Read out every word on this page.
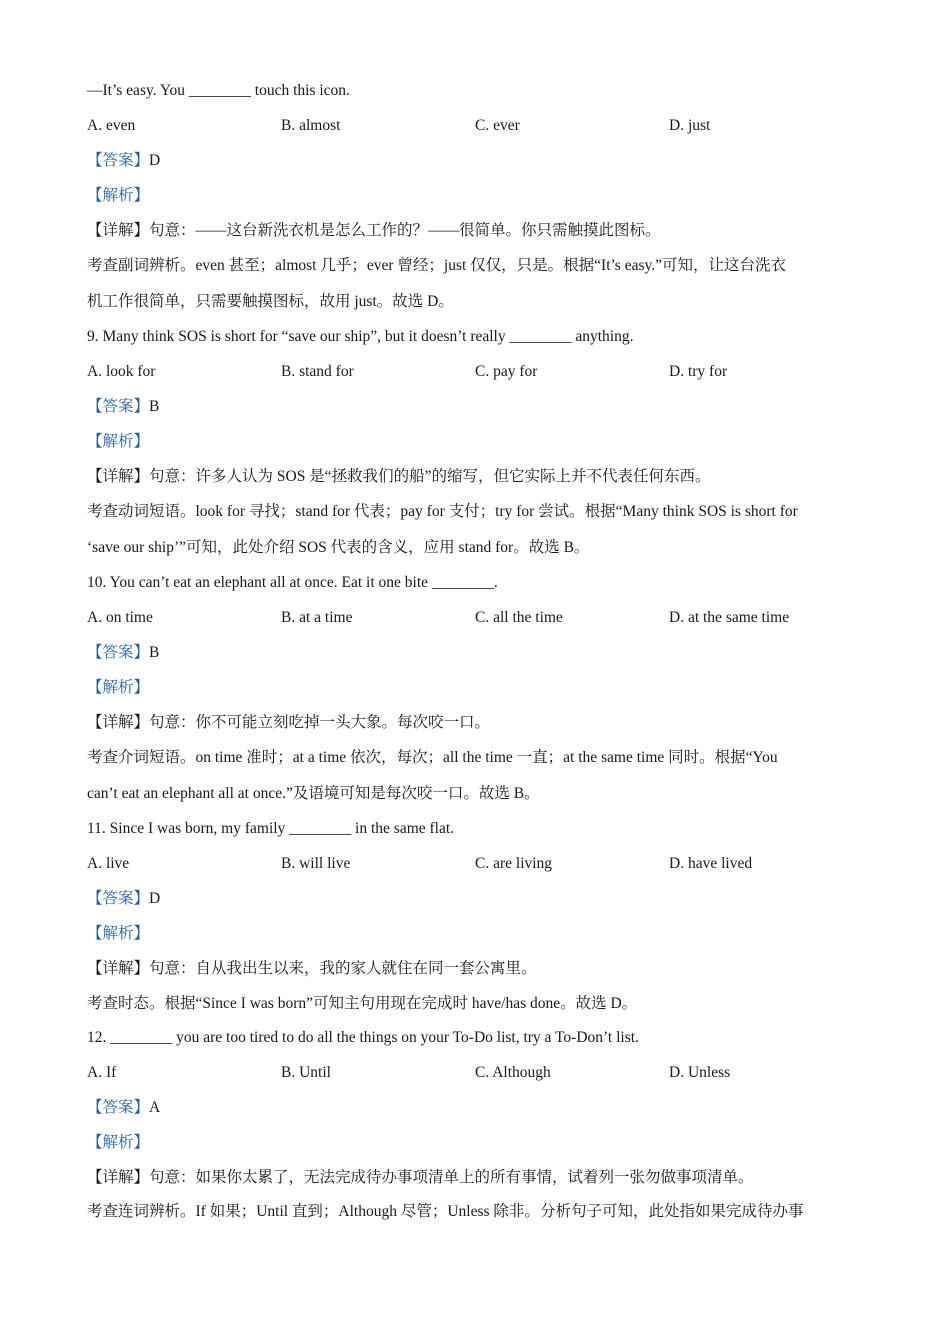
—It’s easy. You ________ touch this icon.
A. even	B. almost	C. ever	D. just
【答案】D
【解析】
【详解】句意：——这台新洗衣机是怎么工作的？——很简单。你只需触摸此图标。
考查副词辨析。even 甚至；almost 几乎；ever 曾经；just 仅仅，只是。根据“It’s easy.”可知，让这台洗衣
机工作很简单，只需要触摸图标，故用 just。故选 D。
9. Many think SOS is short for “save our ship”, but it doesn’t really ________ anything.
A. look for	B. stand for	C. pay for	D. try for
【答案】B
【解析】
【详解】句意：许多人认为 SOS 是“拯救我们的船”的缩写，但它实际上并不代表任何东西。
考查动词短语。look for 寻找；stand for 代表；pay for 支付；try for 尝试。根据“Many think SOS is short for
‘save our ship’”可知，此处介绍 SOS 代表的含义，应用 stand for。故选 B。
10. You can’t eat an elephant all at once. Eat it one bite ________.
A. on time	B. at a time	C. all the time	D. at the same time
【答案】B
【解析】
【详解】句意：你不可能立刻吃掉一头大象。每次咬一口。
考查介词短语。on time 准时；at a time 依次，每次；all the time 一直；at the same time 同时。根据“You
can’t eat an elephant all at once.”及语境可知是每次咬一口。故选 B。
11. Since I was born, my family ________ in the same flat.
A. live	B. will live	C. are living	D. have lived
【答案】D
【解析】
【详解】句意：自从我出生以来，我的家人就住在同一套公寓里。
考查时态。根据“Since I was born”可知主句用现在完成时 have/has done。故选 D。
12. ________ you are too tired to do all the things on your To-Do list, try a To-Don’t list.
A. If	B. Until	C. Although	D. Unless
【答案】A
【解析】
【详解】句意：如果你太累了，无法完成待办事项清单上的所有事情，试着列一张勿做事项清单。
考查连词辨析。If 如果；Until 直到；Although 尽管；Unless 除非。分析句子可知，此处指如果完成待办事
